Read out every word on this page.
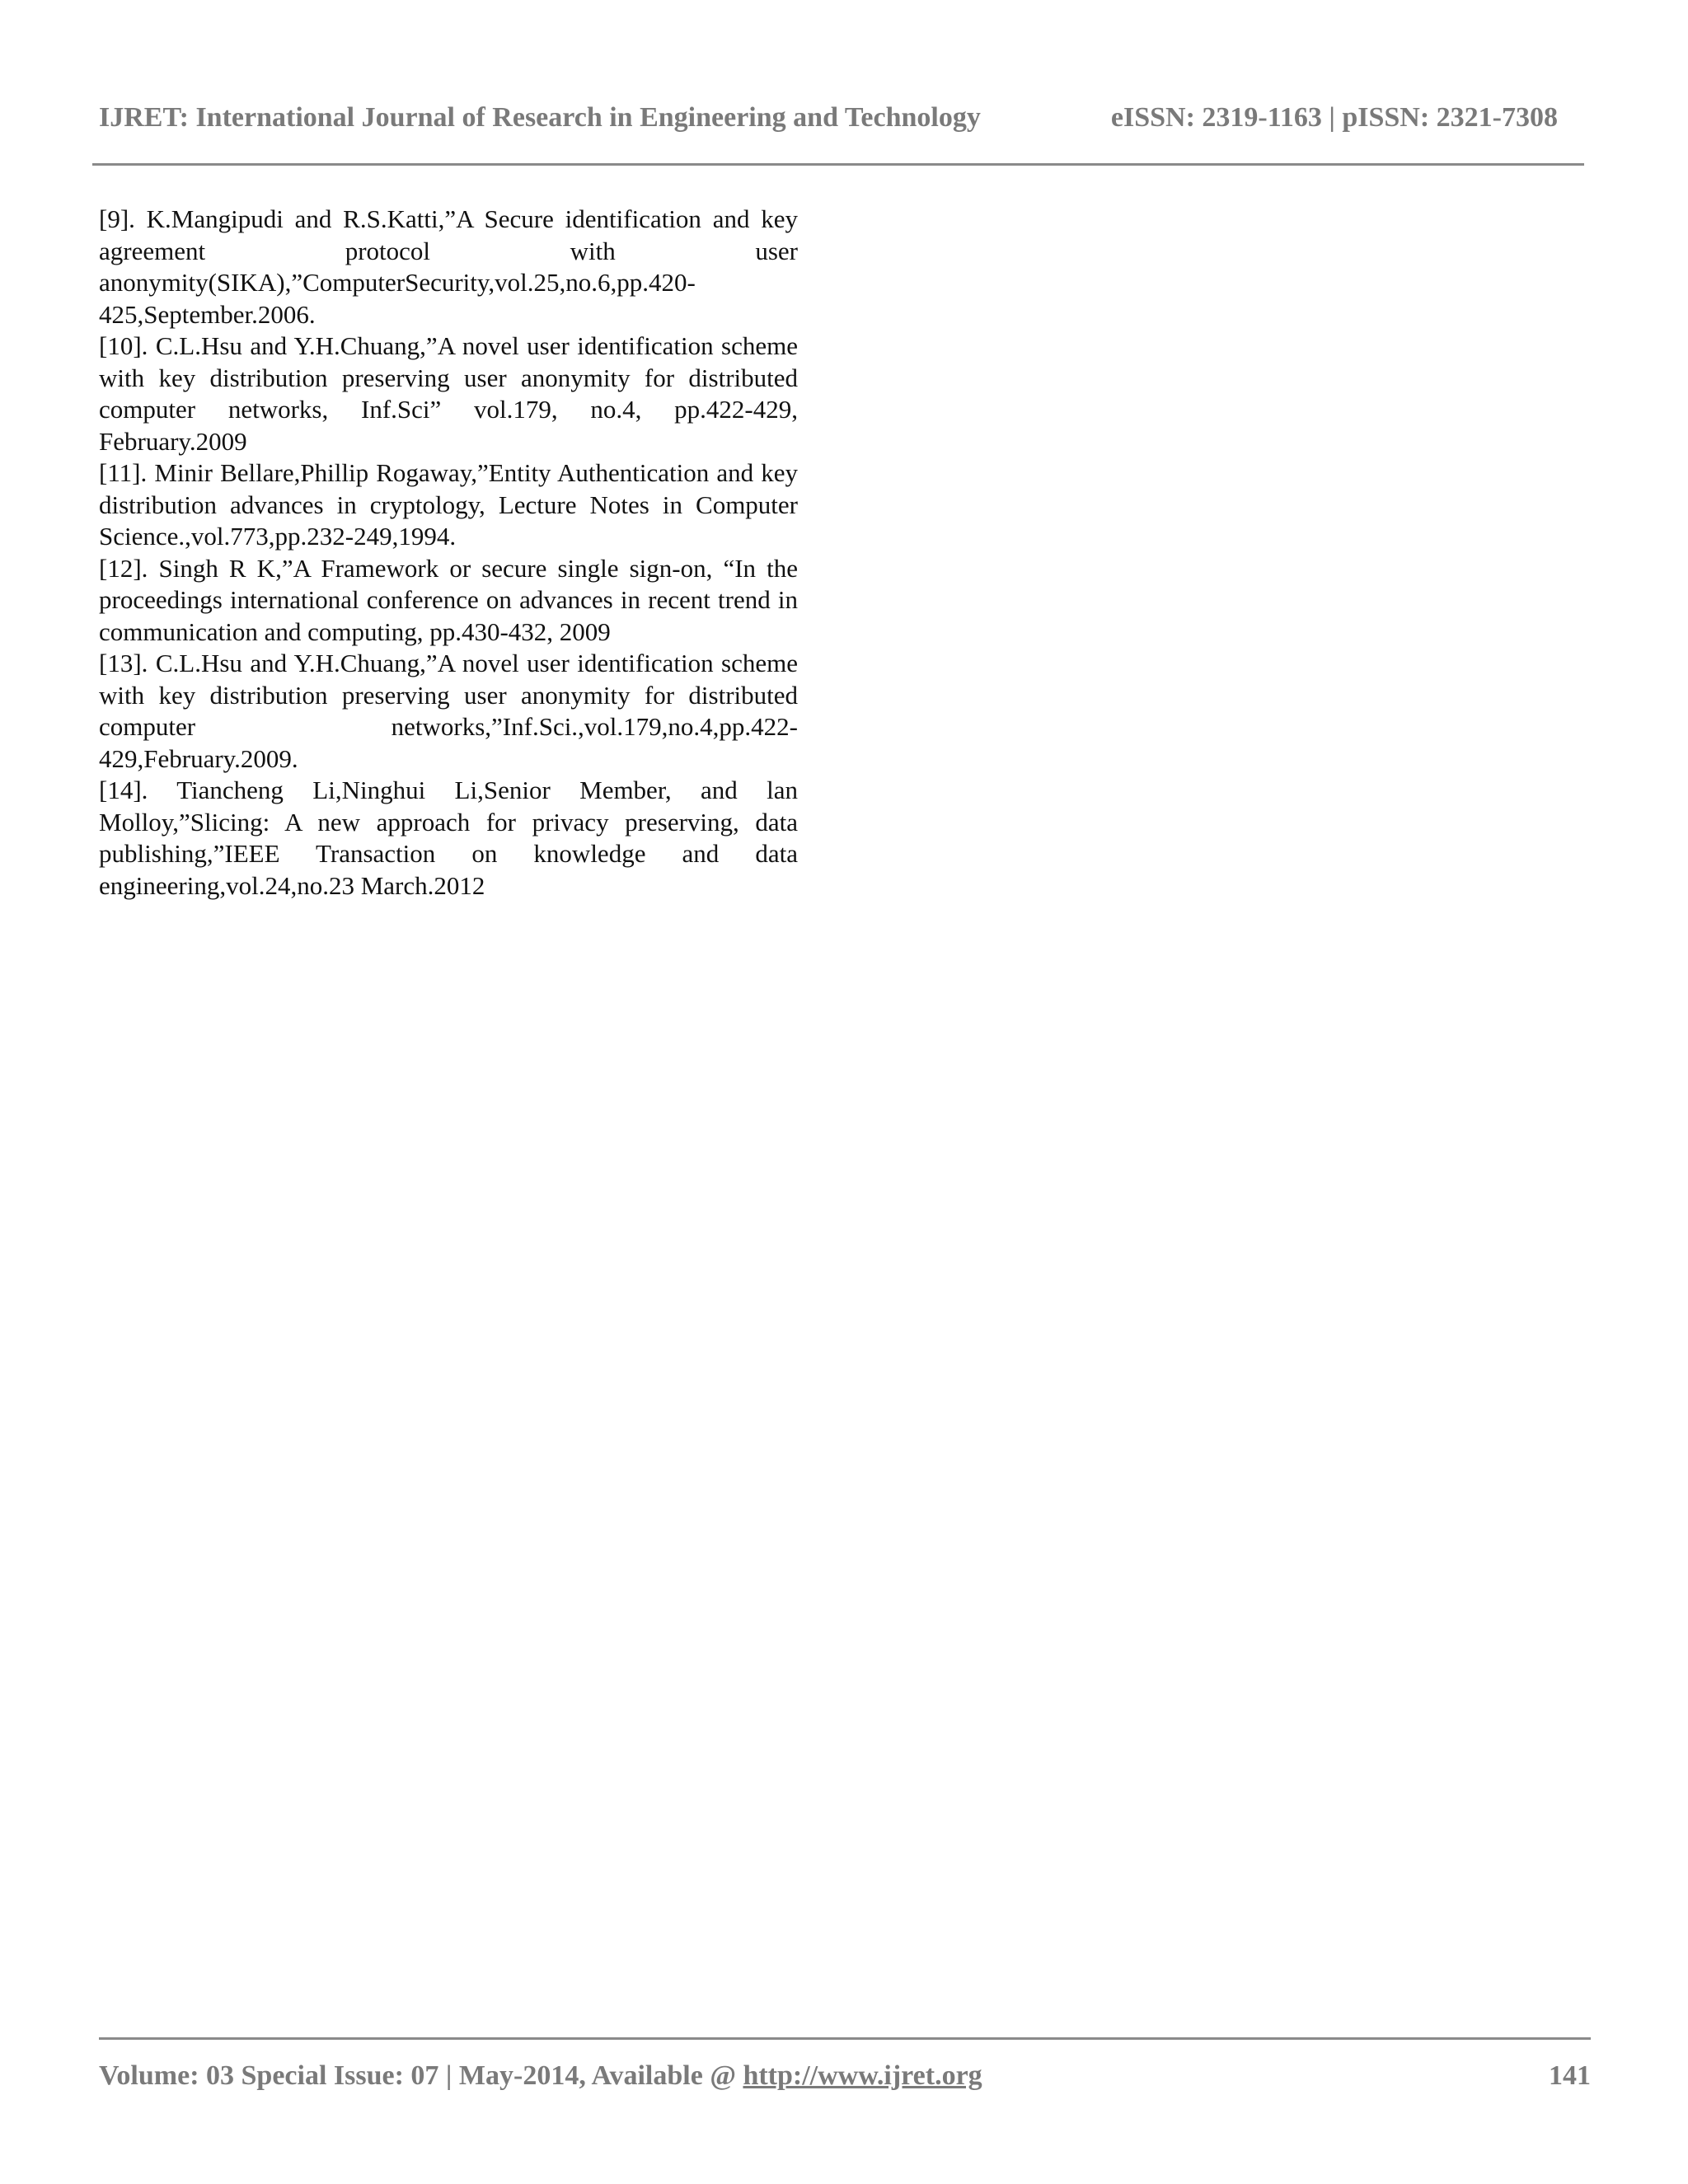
IJRET: International Journal of Research in Engineering and Technology	eISSN: 2319-1163 | pISSN: 2321-7308

[9]. K.Mangipudi and R.S.Katti,”A Secure identification and key agreement protocol with user anonymity(SIKA),”ComputerSecurity,vol.25,no.6,pp.420-425,September.2006.

[10]. C.L.Hsu and Y.H.Chuang,”A novel user identification scheme with key distribution preserving user anonymity for distributed computer networks, Inf.Sci” vol.179, no.4, pp.422-429, February.2009

[11]. Minir Bellare,Phillip Rogaway,”Entity Authentication and key distribution advances in cryptology, Lecture Notes in Computer Science.,vol.773,pp.232-249,1994.

[12]. Singh R K,”A Framework or secure single sign-on, “In the proceedings international conference on advances in recent trend in communication and computing, pp.430-432, 2009

[13]. C.L.Hsu and Y.H.Chuang,”A novel user identification scheme with key distribution preserving user anonymity for distributed computer networks,”Inf.Sci.,vol.179,no.4,pp.422-429,February.2009.

[14]. Tiancheng Li,Ninghui Li,Senior Member, and lan Molloy,”Slicing: A new approach for privacy preserving, data publishing,”IEEE Transaction on knowledge and data engineering,vol.24,no.23 March.2012

Volume: 03 Special Issue: 07 | May-2014, Available @ http://www.ijret.org	141
